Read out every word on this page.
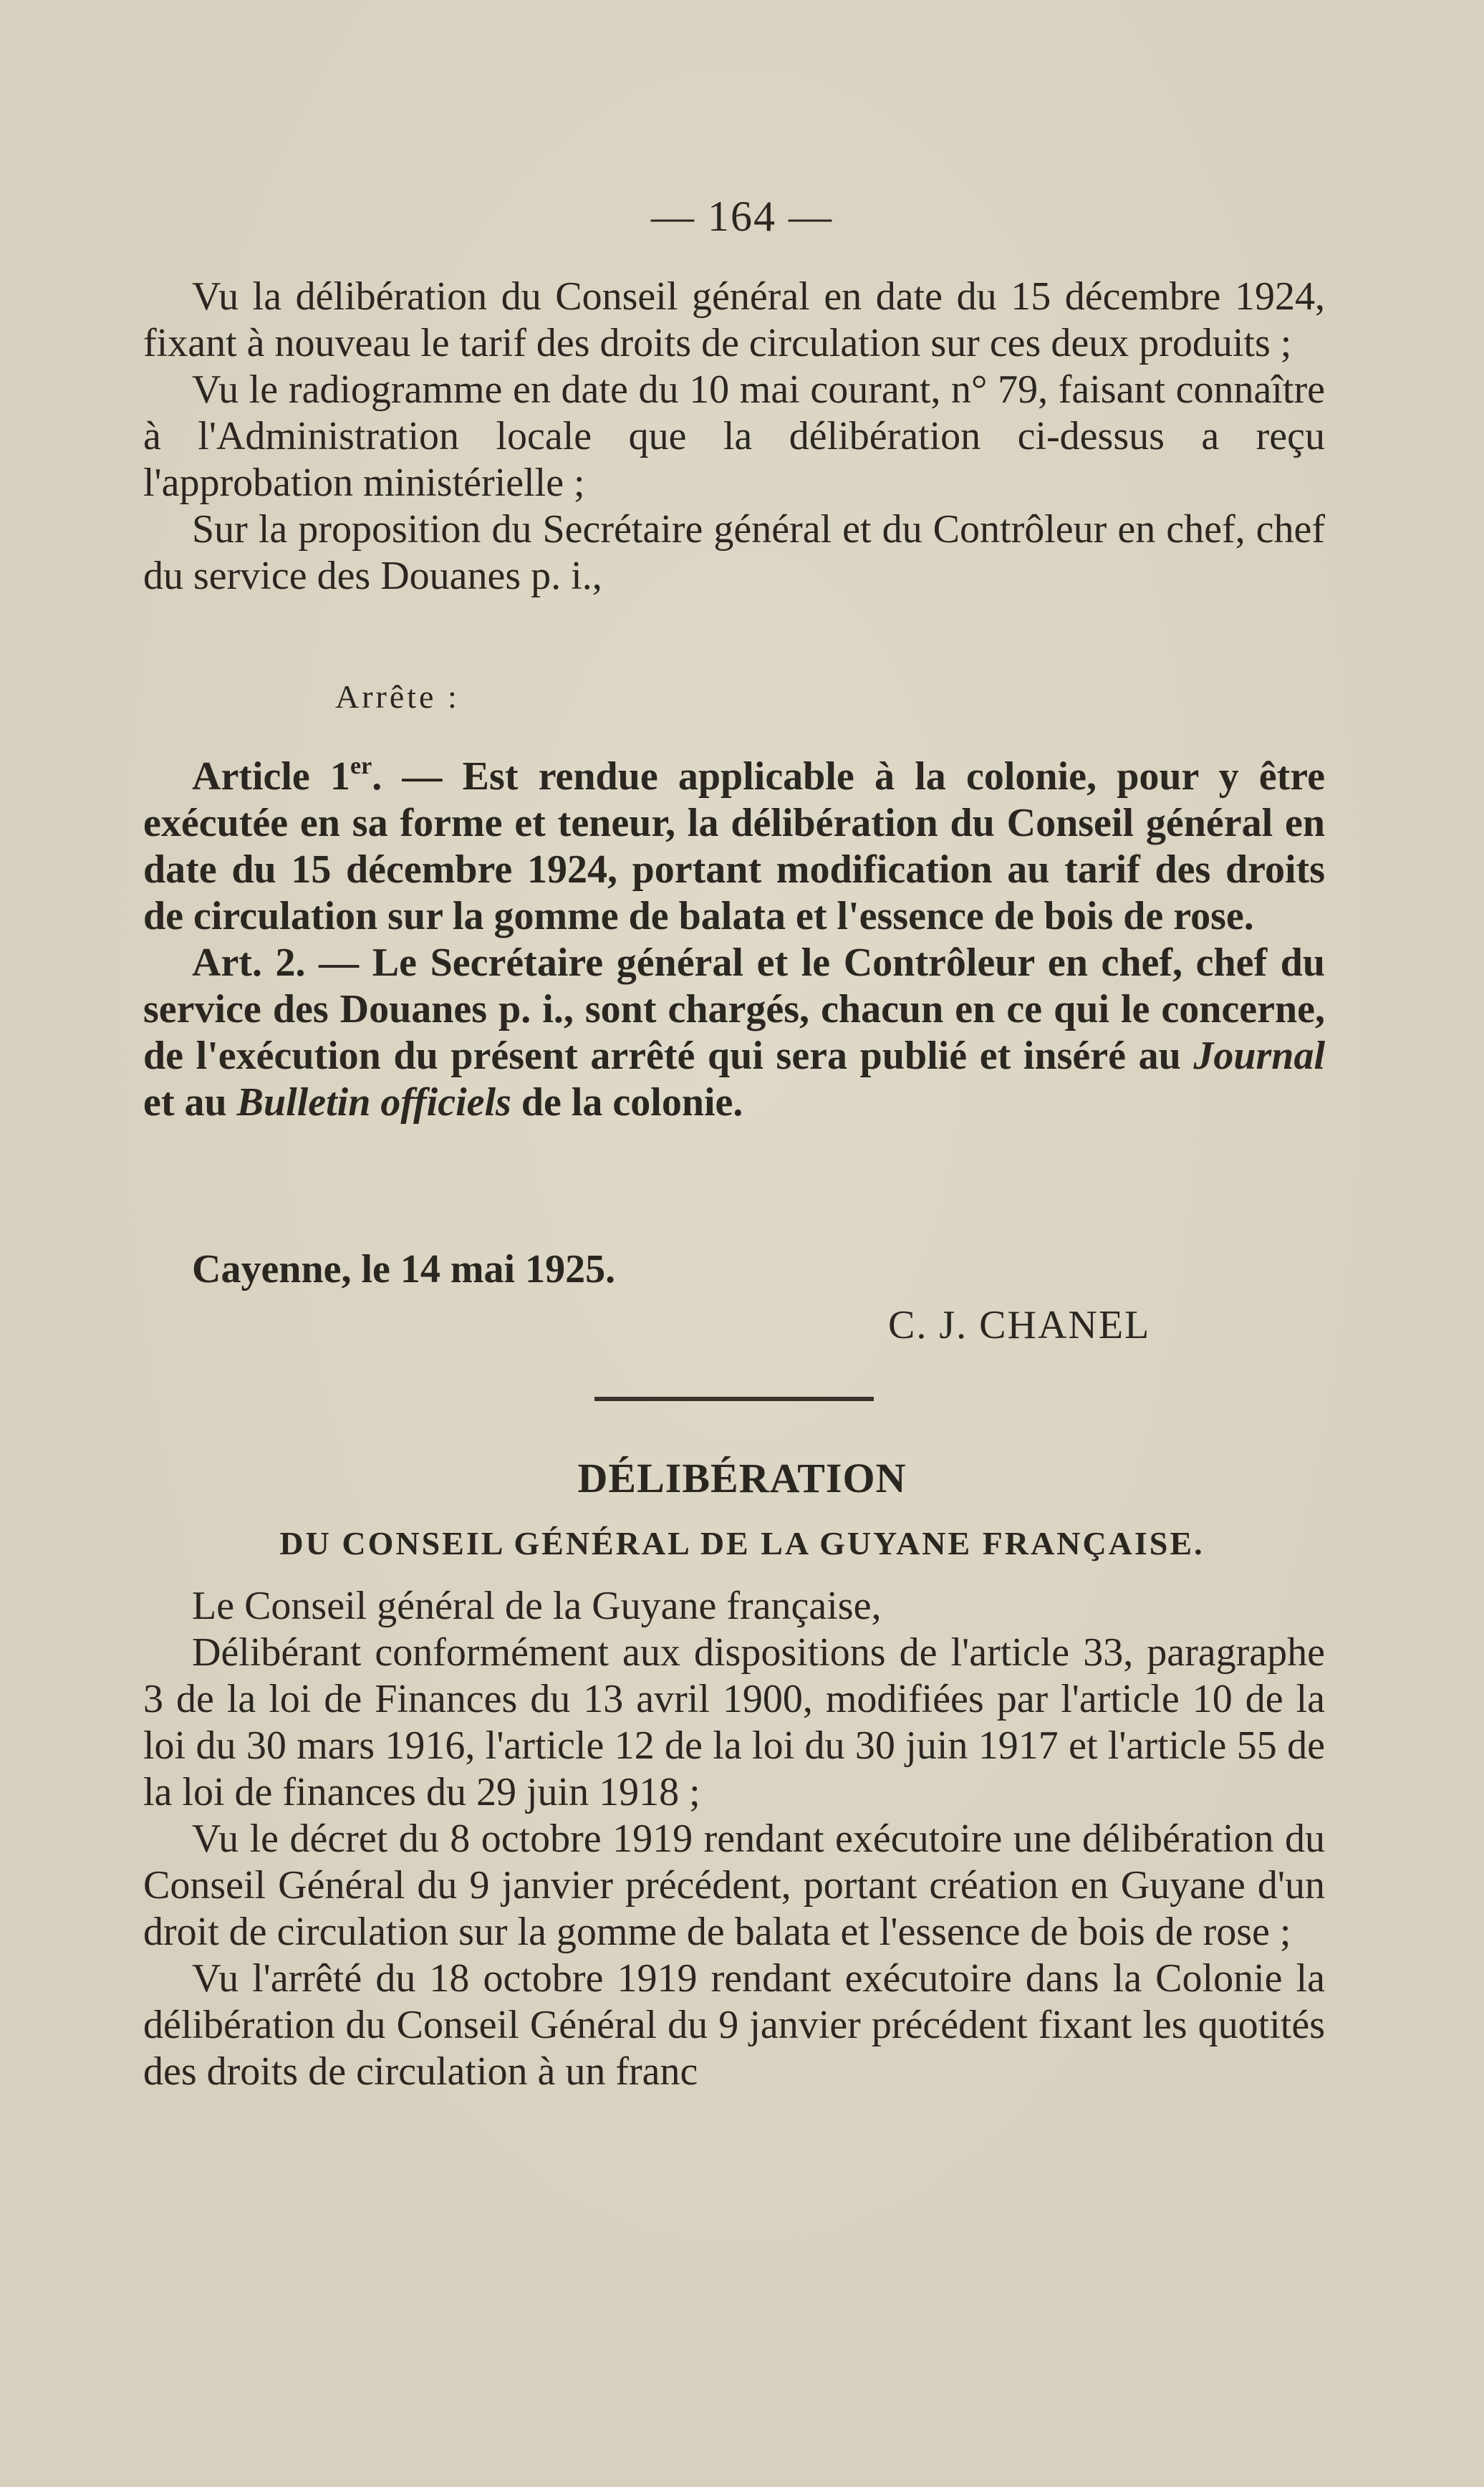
— 164 —

Vu la délibération du Conseil général en date du 15 décembre 1924, fixant à nouveau le tarif des droits de circulation sur ces deux produits ;

Vu le radiogramme en date du 10 mai courant, n° 79, faisant connaître à l'Administration locale que la délibération ci-dessus a reçu l'approbation ministérielle ;

Sur la proposition du Secrétaire général et du Contrôleur en chef, chef du service des Douanes p. i.,

Arrête :

Article 1er. — Est rendue applicable à la colonie, pour y être exécutée en sa forme et teneur, la délibération du Conseil général en date du 15 décembre 1924, portant modification au tarif des droits de circulation sur la gomme de balata et l'essence de bois de rose.

Art. 2. — Le Secrétaire général et le Contrôleur en chef, chef du service des Douanes p. i., sont chargés, chacun en ce qui le concerne, de l'exécution du présent arrêté qui sera publié et inséré au Journal et au Bulletin officiels de la colonie.

Cayenne, le 14 mai 1925.

C. J. CHANEL
DÉLIBÉRATION
DU CONSEIL GÉNÉRAL DE LA GUYANE FRANÇAISE.

Le Conseil général de la Guyane française,

Délibérant conformément aux dispositions de l'article 33, paragraphe 3 de la loi de Finances du 13 avril 1900, modifiées par l'article 10 de la loi du 30 mars 1916, l'article 12 de la loi du 30 juin 1917 et l'article 55 de la loi de finances du 29 juin 1918 ;

Vu le décret du 8 octobre 1919 rendant exécutoire une délibération du Conseil Général du 9 janvier précédent, portant création en Guyane d'un droit de circulation sur la gomme de balata et l'essence de bois de rose ;

Vu l'arrêté du 18 octobre 1919 rendant exécutoire dans la Colonie la délibération du Conseil Général du 9 janvier précédent fixant les quotités des droits de circulation à un franc
